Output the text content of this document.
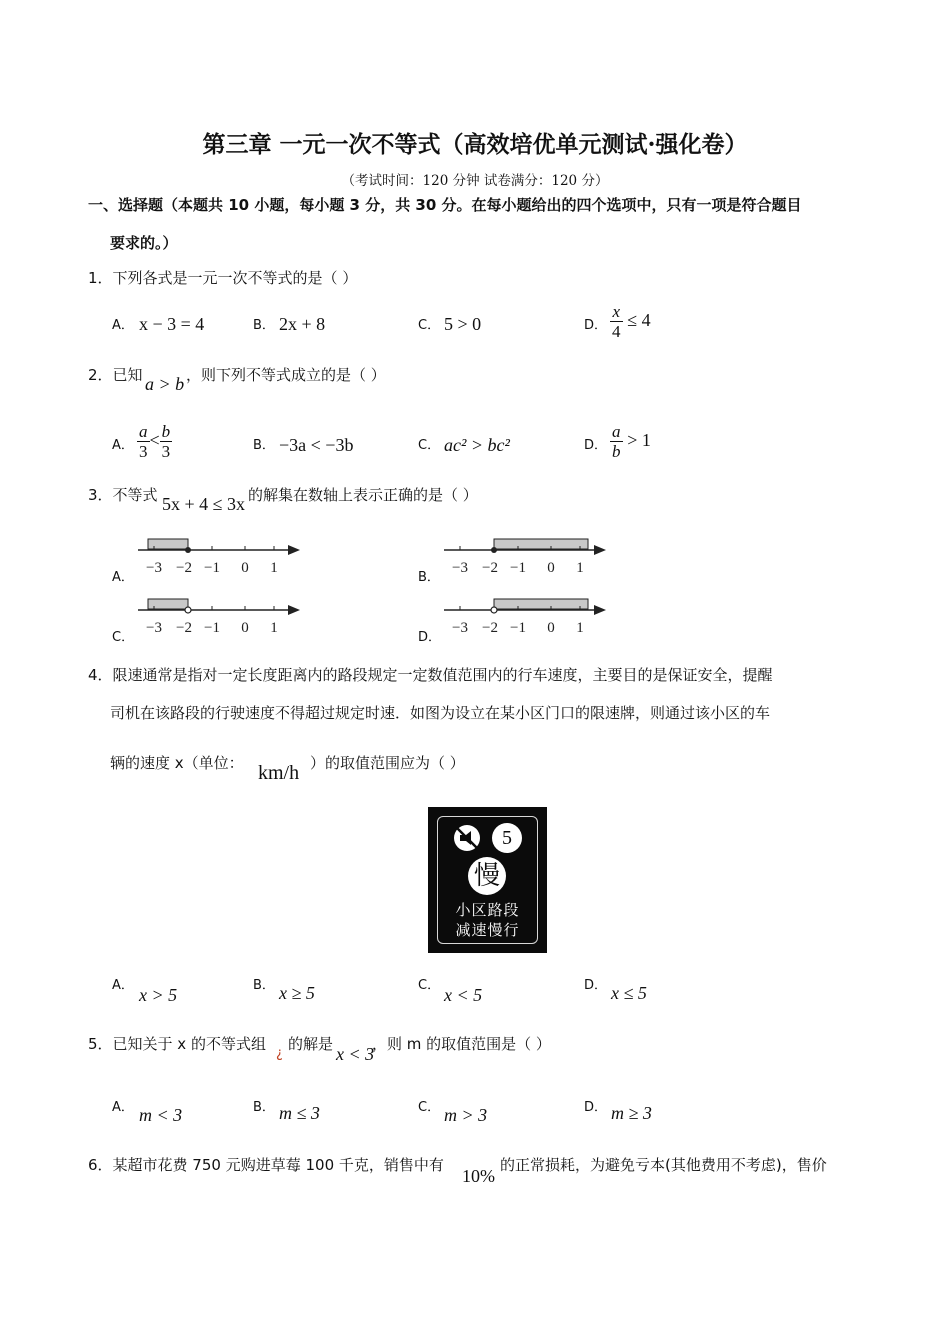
第三章 一元一次不等式（高效培优单元测试·强化卷）
（考试时间：120 分钟 试卷满分：120 分）
一、选择题（本题共 10 小题，每小题 3 分，共 30 分。在每小题给出的四个选项中，只有一项是符合题目
要求的。）
1．下列各式是一元一次不等式的是（ ）
A． x − 3 = 4	B． 2x + 8	C． 5 > 0	D． $\frac{x}{4} \le 4$
2．已知 a > b ，则下列不等式成立的是（ ）
A． $\frac{a}{3} < \frac{b}{3}$	B． −3a < −3b	C． ac² > bc²	D． $\frac{a}{b} > 1$
3．不等式 5x + 4 ≤ 3x 的解集在数轴上表示正确的是（ ）
A．	B．
C．	D．
−3 −2 −1 0 1	−3 −2 −1 0 1
−3 −2 −1 0 1	−3 −2 −1 0 1
4．限速通常是指对一定长度距离内的路段规定一定数值范围内的行车速度，主要目的是保证安全，提醒
司机在该路段的行驶速度不得超过规定时速．如图为设立在某小区门口的限速牌，则通过该小区的车
辆的速度 x（单位： km/h ）的取值范围应为（ ）
5
慢
小区路段
减速慢行
A． x > 5	B． x ≥ 5	C． x < 5	D． x ≤ 5
5．已知关于 x 的不等式组
¿
的解是 x < 3
，则 m 的取值范围是（ ）
A． m < 3	B． m ≤ 3	C． m > 3	D． m ≥ 3
6．某超市花费 750 元购进草莓 100 千克，销售中有
10%
的正常损耗，为避免亏本(其他费用不考虑)，售价
